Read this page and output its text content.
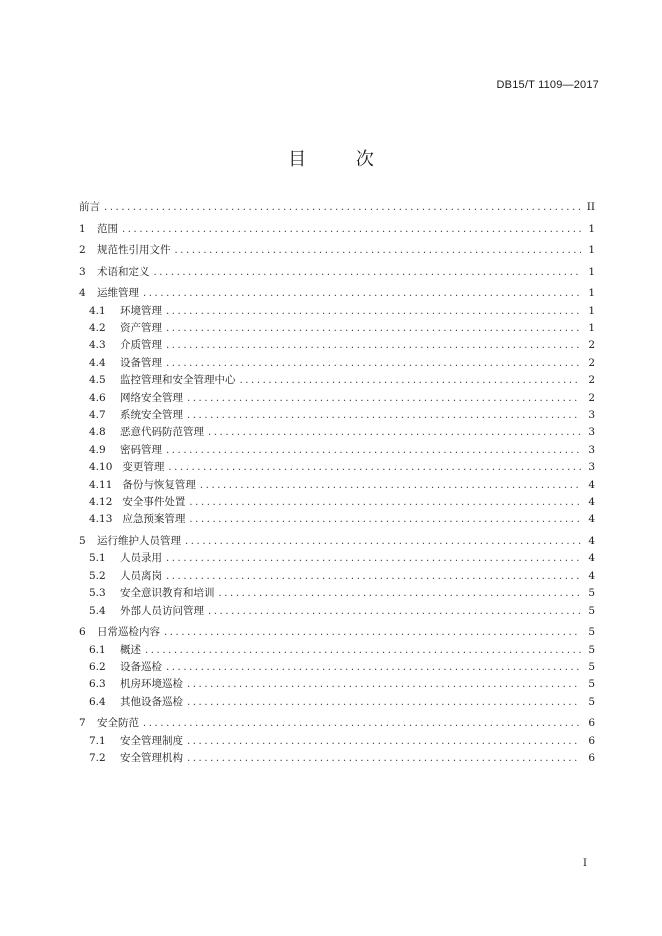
DB15/T 1109—2017
目 次
前言 .....	II
1 范围 .....	1
2 规范性引用文件 .....	1
3 术语和定义 .....	1
4 运维管理 .....	1
4.1	环境管理 .....	1
4.2	资产管理 .....	1
4.3	介质管理 .....	2
4.4	设备管理 .....	2
4.5	监控管理和安全管理中心 .....	2
4.6	网络安全管理 .....	2
4.7	系统安全管理 .....	3
4.8	恶意代码防范管理 .....	3
4.9	密码管理 .....	3
4.10 变更管理 .....	3
4.11 备份与恢复管理 .....	4
4.12 安全事件处置 .....	4
4.13 应急预案管理 .....	4
5 运行维护人员管理 .....	4
5.1	人员录用 .....	4
5.2	人员离岗 .....	4
5.3	安全意识教育和培训 .....	5
5.4	外部人员访问管理 .....	5
6 日常巡检内容 .....	5
6.1	概述 .....	5
6.2	设备巡检 .....	5
6.3	机房环境巡检 .....	5
6.4	其他设备巡检 .....	5
7 安全防范 .....	6
7.1	安全管理制度 .....	6
7.2	安全管理机构 .....	6
I
